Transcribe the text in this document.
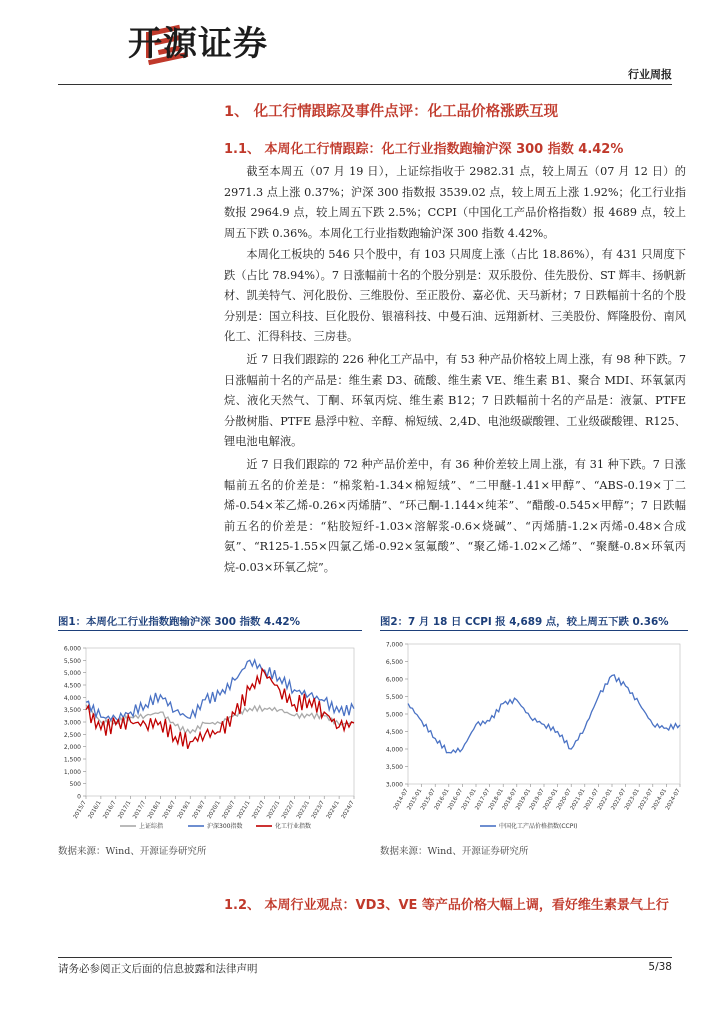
开源证券
行业周报
1、 化工行情跟踪及事件点评：化工品价格涨跌互现
1.1、 本周化工行情跟踪：化工行业指数跑输沪深 300 指数 4.42%
截至本周五（07 月 19 日），上证综指收于 2982.31 点，较上周五（07 月 12 日）的 2971.3 点上涨 0.37%；沪深 300 指数报 3539.02 点，较上周五上涨 1.92%；化工行业指数报 2964.9 点，较上周五下跌 2.5%；CCPI（中国化工产品价格指数）报 4689 点，较上周五下跌 0.36%。本周化工行业指数跑输沪深 300 指数 4.42%。
本周化工板块的 546 只个股中，有 103 只周度上涨（占比 18.86%），有 431 只周度下跌（占比 78.94%）。7 日涨幅前十名的个股分别是：双乐股份、佳先股份、ST 辉丰、扬帆新材、凯美特气、河化股份、三维股份、至正股份、嘉必优、天马新材；7 日跌幅前十名的个股分别是：国立科技、巨化股份、银禧科技、中曼石油、远翔新材、三美股份、辉隆股份、南风化工、汇得科技、三房巷。
近 7 日我们跟踪的 226 种化工产品中，有 53 种产品价格较上周上涨，有 98 种下跌。7 日涨幅前十名的产品是：维生素 D3、硫酸、维生素 VE、维生素 B1、聚合 MDI、环氧氯丙烷、液化天然气、丁酮、环氧丙烷、维生素 B12；7 日跌幅前十名的产品是：液氯、PTFE 分散树脂、PTFE 悬浮中粒、辛醇、棉短绒、2,4D、电池级碳酸锂、工业级碳酸锂、R125、锂电池电解液。
近 7 日我们跟踪的 72 种产品价差中，有 36 种价差较上周上涨，有 31 种下跌。7 日涨幅前五名的价差是：“棉浆粕-1.34×棉短绒”、“二甲醚-1.41×甲醇”、“ABS-0.19×丁二烯-0.54×苯乙烯-0.26×丙烯腈”、“环己酮-1.144×纯苯”、“醋酸-0.545×甲醇”；7 日跌幅前五名的价差是：“粘胶短纤-1.03×溶解浆-0.6×烧碱”、“丙烯腈-1.2×丙烯-0.48×合成氨”、“R125-1.55×四氯乙烯-0.92×氢氟酸”、“聚乙烯-1.02×乙烯”、“聚醚-0.8×环氧丙烷-0.03×环氧乙烷”。
图1：本周化工行业指数跑输沪深 300 指数 4.42%
0
500
1,000
1,500
2,000
2,500
3,000
3,500
4,000
4,500
5,000
5,500
6,000
2015/7 2016/1 2016/7 2017/1 2017/7 2018/1 2018/7 2019/1 2019/7 2020/1 2020/7 2021/1 2021/7 2022/1 2022/7 2023/1 2023/7 2024/1 2024/7
上证综指	沪深300指数	化工行业指数
数据来源：Wind、开源证券研究所
图2：7 月 18 日 CCPI 报 4,689 点，较上周五下跌 0.36%
3,000
3,500
4,000
4,500
5,000
5,500
6,000
6,500
7,000
2014-07
2015-01
2015-07
2016-01
2016-07
2017-01
2017-07
2018-01
2018-07
2019-01
2019-07
2020-01
2020-07
2021-01
2021-07
2022-01
2022-07
2023-01
2023-07
2024-01
2024-07
中国化工产品价格指数(CCPI)
数据来源：Wind、开源证券研究所
1.2、 本周行业观点：VD3、VE 等产品价格大幅上调，看好维生素景气上行
请务必参阅正文后面的信息披露和法律声明	5/38
